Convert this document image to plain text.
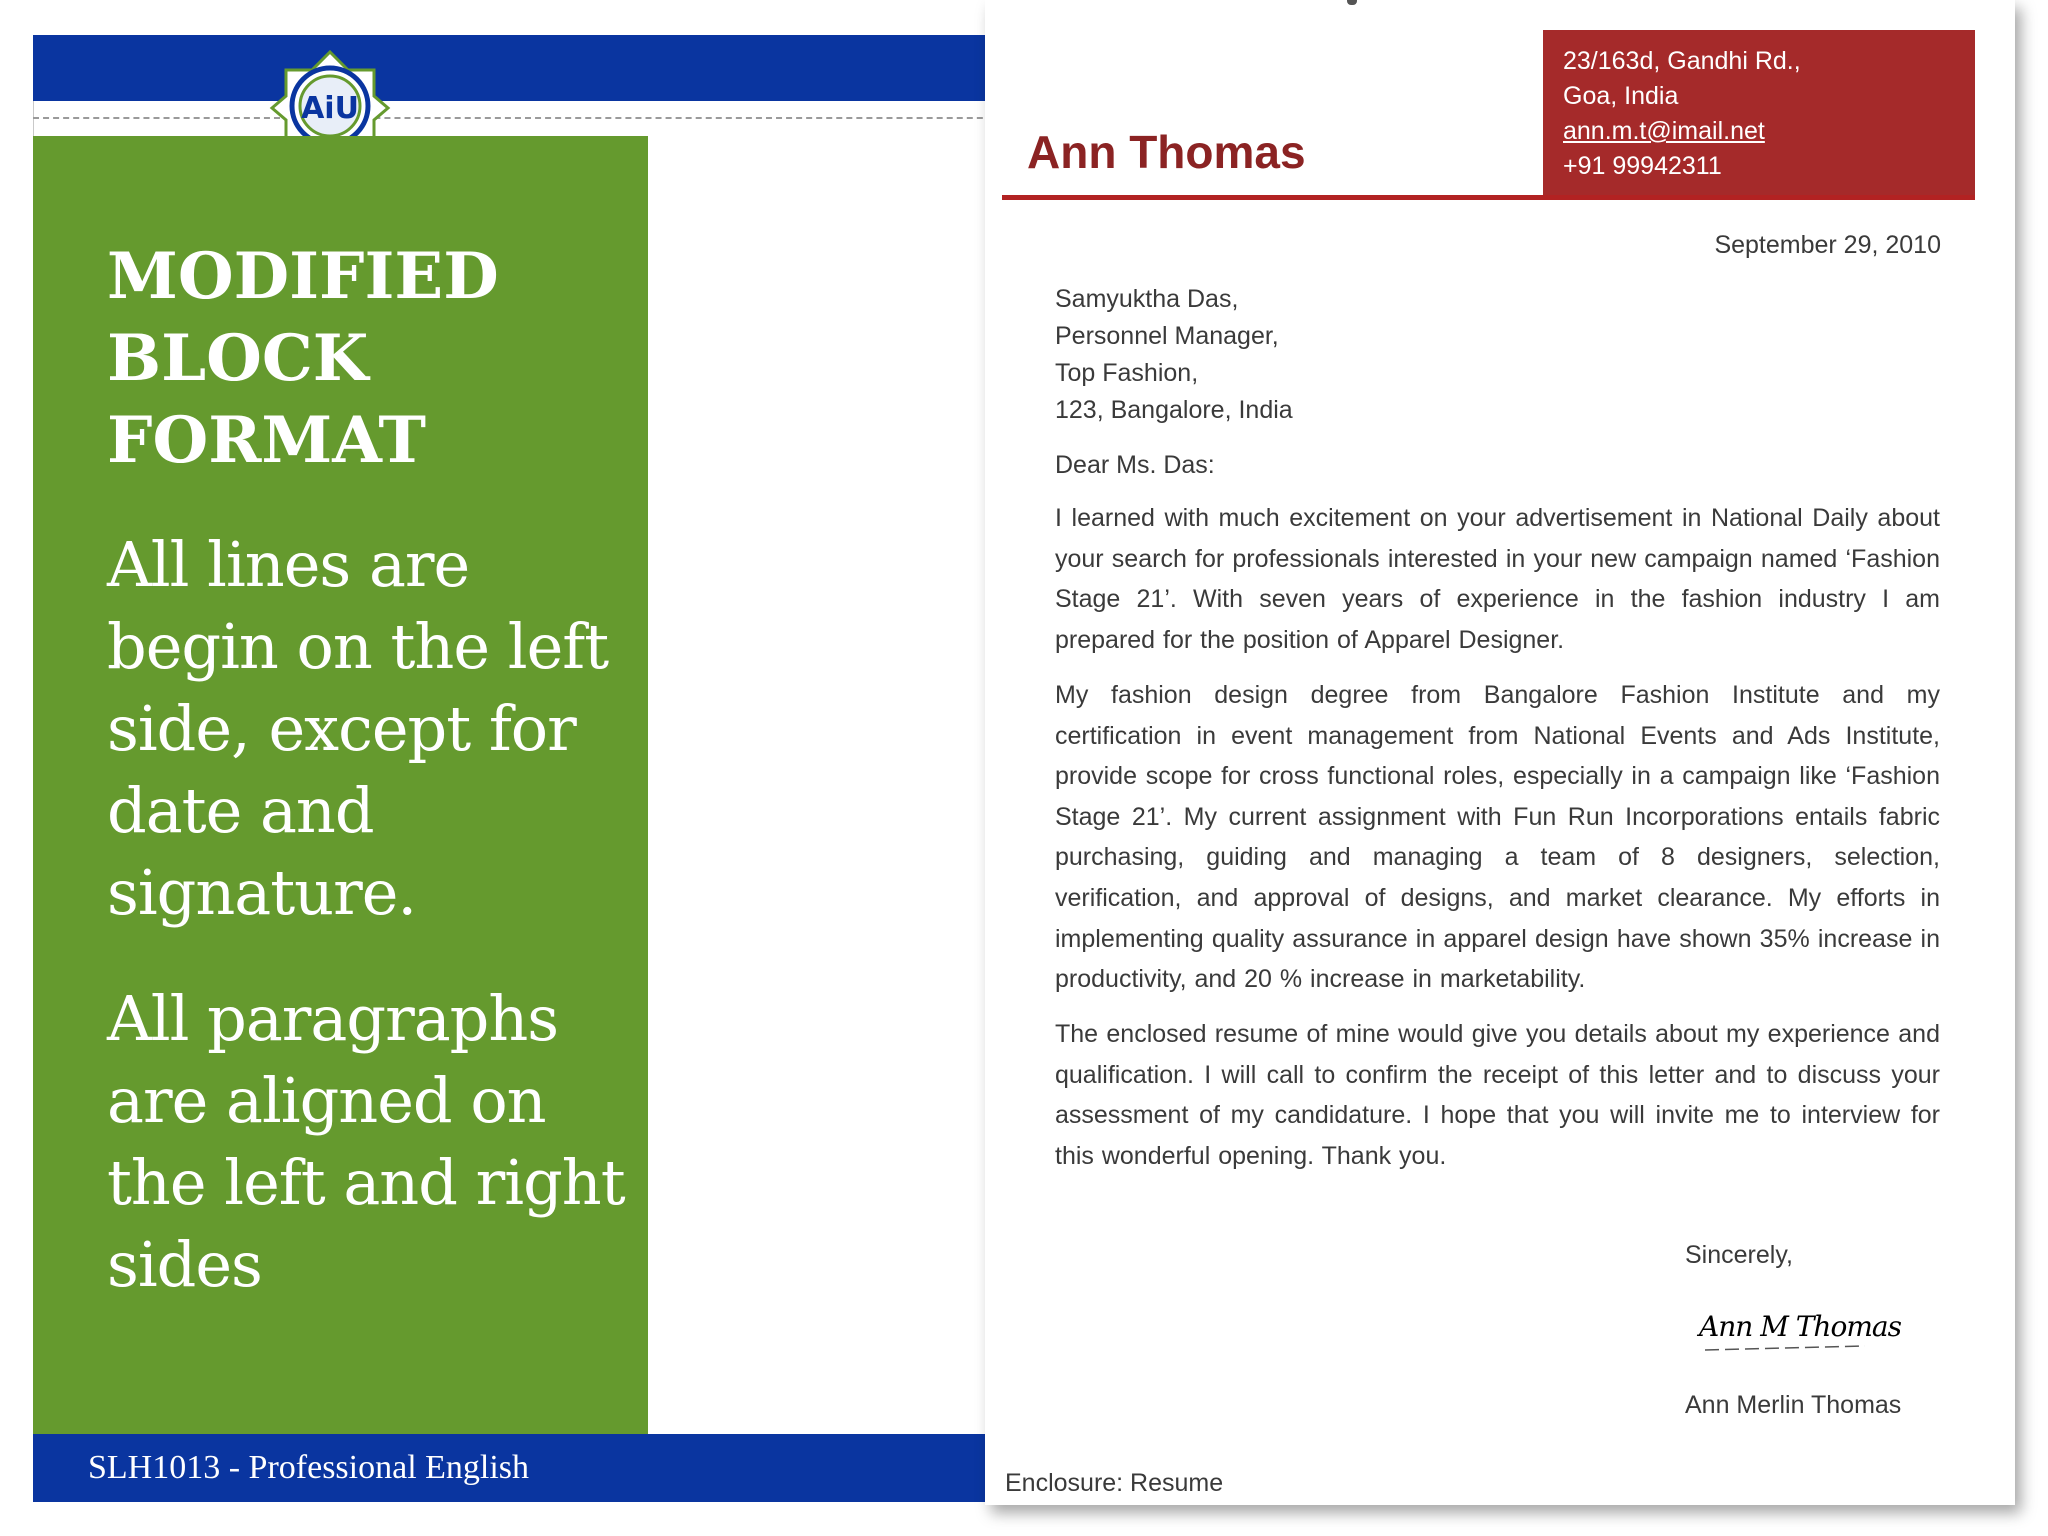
AiU
MODIFIED
BLOCK
FORMAT
All lines are
begin on the left
side, except for
date and
signature.
All paragraphs
are aligned on
the left and right
sides
SLH1013 - Professional English
Ann Thomas
23/163d, Gandhi Rd.,
Goa, India
ann.m.t@imail.net
+91 99942311
September 29, 2010
Samyuktha Das,
Personnel Manager,
Top Fashion,
123, Bangalore, India
Dear Ms. Das:

I learned with much excitement on your advertisement in National Daily about your search for professionals interested in your new campaign named ‘Fashion Stage 21’. With seven years of experience in the fashion industry I am prepared for the position of Apparel Designer.

My fashion design degree from Bangalore Fashion Institute and my certification in event management from National Events and Ads Institute, provide scope for cross functional roles, especially in a campaign like ‘Fashion Stage 21’. My current assignment with Fun Run Incorporations entails fabric purchasing, guiding and managing a team of 8 designers, selection, verification, and approval of designs, and market clearance. My efforts in implementing quality assurance in apparel design have shown 35% increase in productivity, and 20 % increase in marketability.

The enclosed resume of mine would give you details about my experience and qualification. I will call to confirm the receipt of this letter and to discuss your assessment of my candidature. I hope that you will invite me to interview for this wonderful opening. Thank you.

Sincerely,
Ann M Thomas
Ann Merlin Thomas
Enclosure: Resume
